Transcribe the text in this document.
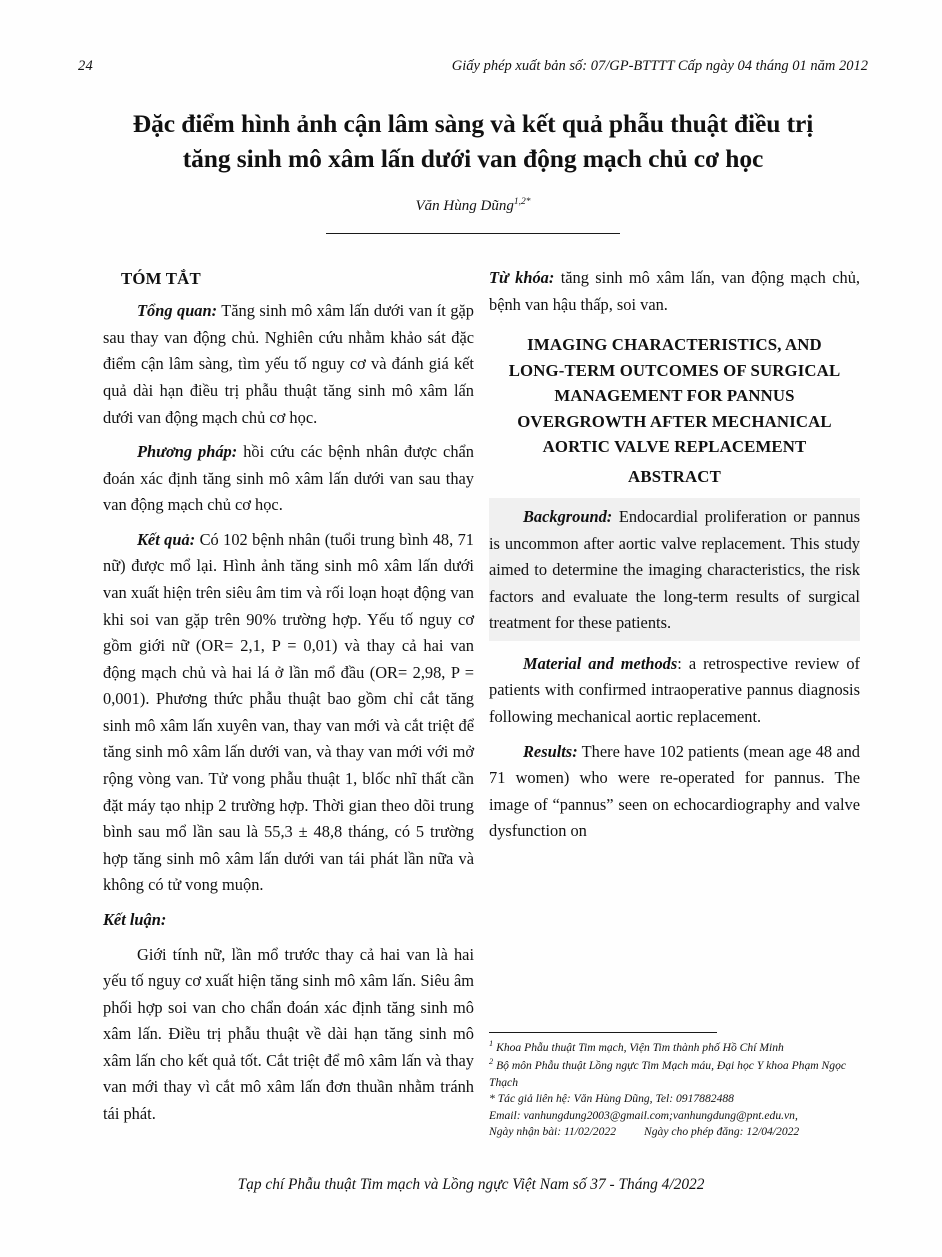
24	Giấy phép xuất bản số: 07/GP-BTTTT Cấp ngày 04 tháng 01 năm 2012
Đặc điểm hình ảnh cận lâm sàng và kết quả phẫu thuật điều trị
tăng sinh mô xâm lấn dưới van động mạch chủ cơ học
Văn Hùng Dũng$^{1,2*}$
TÓM TẮT

Tổng quan: Tăng sinh mô xâm lấn dưới van ít gặp sau thay van động chủ. Nghiên cứu nhằm khảo sát đặc điểm cận lâm sàng, tìm yếu tố nguy cơ và đánh giá kết quả dài hạn điều trị phẫu thuật tăng sinh mô xâm lấn dưới van động mạch chủ cơ học.

Phương pháp: hồi cứu các bệnh nhân được chẩn đoán xác định tăng sinh mô xâm lấn dưới van sau thay van động mạch chủ cơ học.

Kết quả: Có 102 bệnh nhân (tuổi trung bình 48, 71 nữ) được mổ lại. Hình ảnh tăng sinh mô xâm lấn dưới van xuất hiện trên siêu âm tim và rối loạn hoạt động van khi soi van gặp trên 90% trường hợp. Yếu tố nguy cơ gồm giới nữ (OR= 2,1, P = 0,01) và thay cả hai van động mạch chủ và hai lá ở lần mổ đầu (OR= 2,98, P = 0,001). Phương thức phẫu thuật bao gồm chỉ cắt tăng sinh mô xâm lấn xuyên van, thay van mới và cắt triệt để tăng sinh mô xâm lấn dưới van, và thay van mới với mở rộng vòng van. Tử vong phẫu thuật 1, blốc nhĩ thất cần đặt máy tạo nhịp 2 trường hợp. Thời gian theo dõi trung bình sau mổ lần sau là 55,3 ± 48,8 tháng, có 5 trường hợp tăng sinh mô xâm lấn dưới van tái phát lần nữa và không có tử vong muộn.

Kết luận:

Giới tính nữ, lần mổ trước thay cả hai van là hai yếu tố nguy cơ xuất hiện tăng sinh mô xâm lấn. Siêu âm phối hợp soi van cho chẩn đoán xác định tăng sinh mô xâm lấn. Điều trị phẫu thuật về dài hạn tăng sinh mô xâm lấn cho kết quả tốt. Cắt triệt để mô xâm lấn và thay van mới thay vì cắt mô xâm lấn đơn thuần nhằm tránh tái phát.

Từ khóa: tăng sinh mô xâm lấn, van động mạch chủ, bệnh van hậu thấp, soi van.

IMAGING CHARACTERISTICS, AND
LONG-TERM OUTCOMES OF SURGICAL
MANAGEMENT FOR PANNUS
OVERGROWTH AFTER MECHANICAL
AORTIC VALVE REPLACEMENT
ABSTRACT

Background: Endocardial proliferation or pannus is uncommon after aortic valve replacement. This study aimed to determine the imaging characteristics, the risk factors and evaluate the long-term results of surgical treatment for these patients.

Material and methods: a retrospective review of patients with confirmed intraoperative pannus diagnosis following mechanical aortic replacement.

Results: There have 102 patients (mean age 48 and 71 women) who were re-operated for pannus. The image of “pannus” seen on echocardiography and valve dysfunction on

$^1$ Khoa Phẫu thuật Tim mạch, Viện Tim thành phố Hồ Chí Minh
$^2$ Bộ môn Phẫu thuật Lồng ngực Tim Mạch máu, Đại học Y khoa Phạm Ngọc Thạch
* Tác giả liên hệ: Văn Hùng Dũng, Tel: 0917882488
Email: vanhungdung2003@gmail.com;vanhungdung@pnt.edu.vn,
Ngày nhận bài: 11/02/2022 Ngày cho phép đăng: 12/04/2022
Tạp chí Phẫu thuật Tim mạch và Lồng ngực Việt Nam số 37 - Tháng 4/2022
